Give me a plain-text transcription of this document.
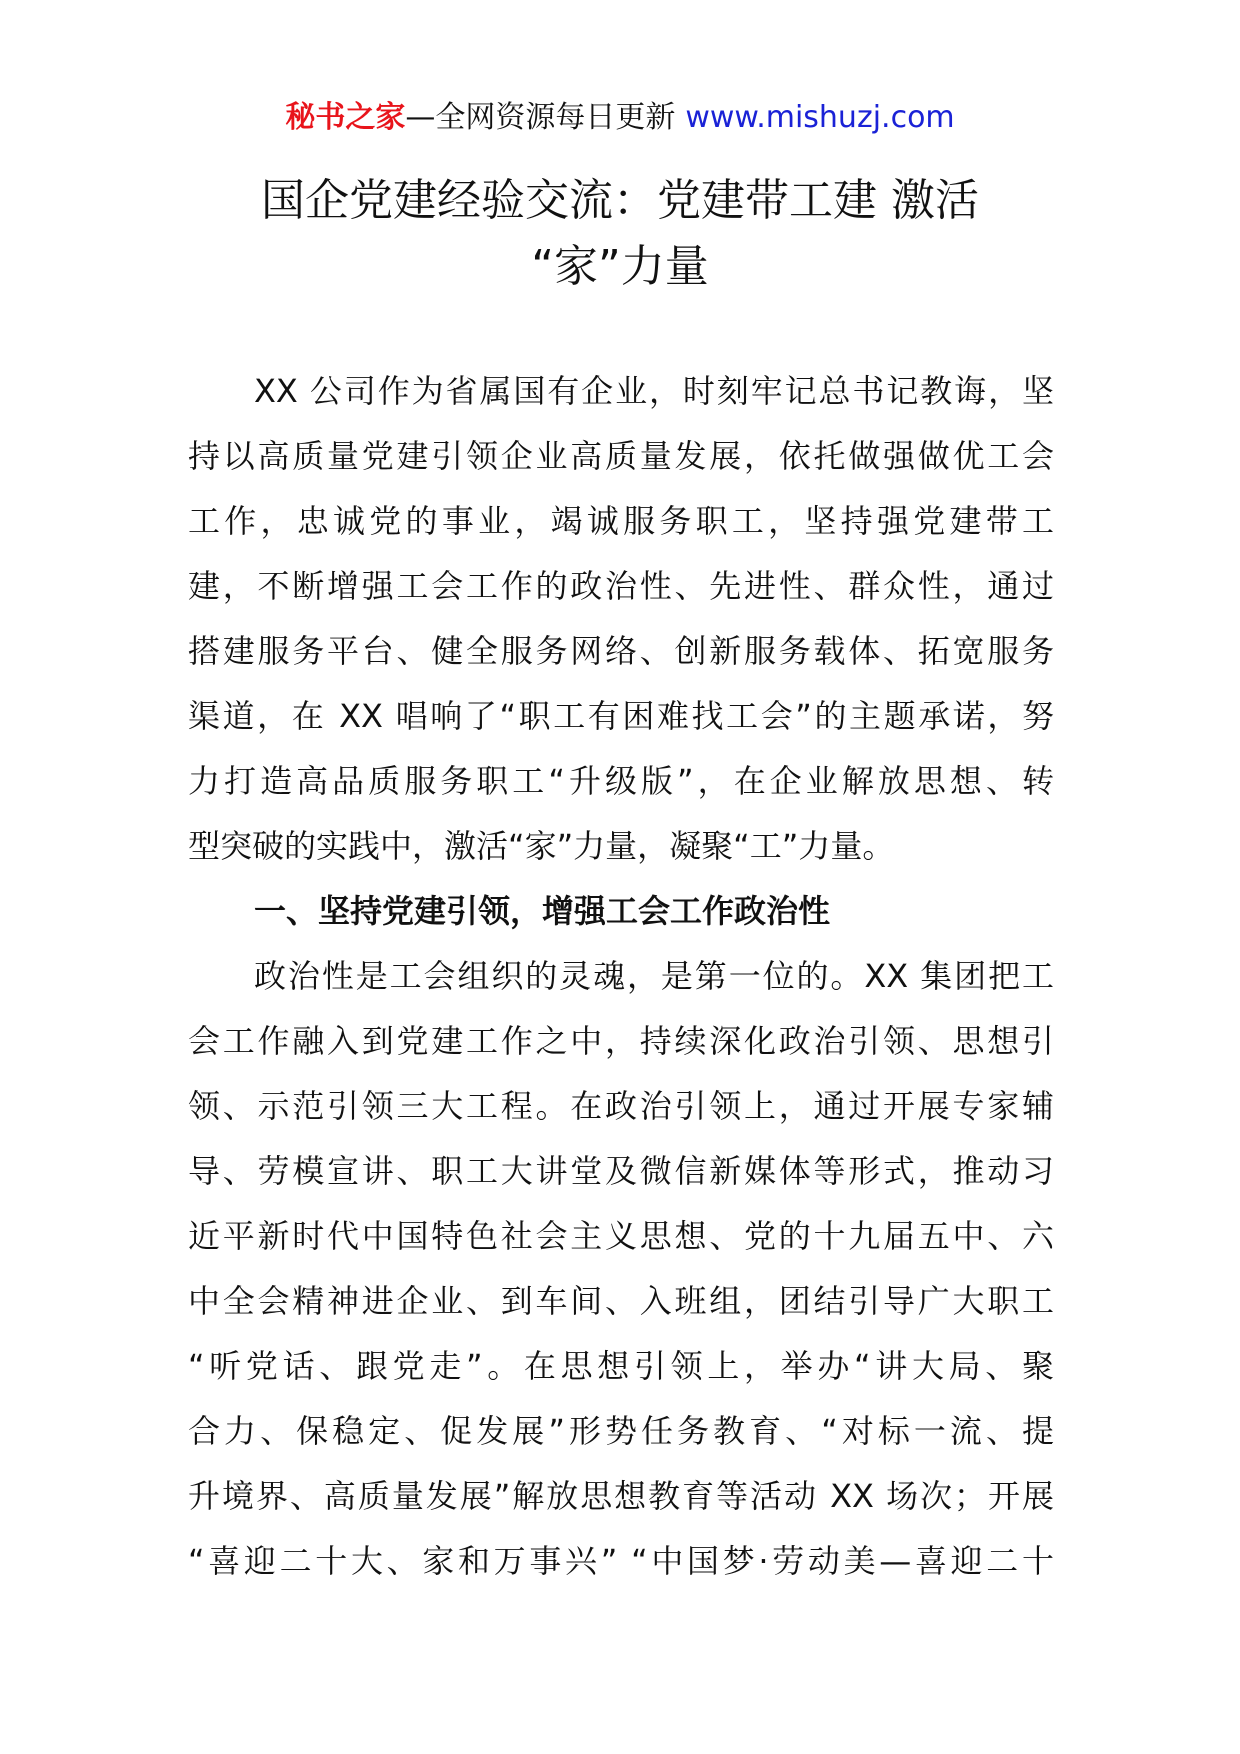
秘书之家—全网资源每日更新 www.mishuzj.com
国企党建经验交流：党建带工建 激活
“家”力量
XX 公司作为省属国有企业，时刻牢记总书记教诲，坚
持以高质量党建引领企业高质量发展，依托做强做优工会
工作，忠诚党的事业，竭诚服务职工，坚持强党建带工
建，不断增强工会工作的政治性、先进性、群众性，通过
搭建服务平台、健全服务网络、创新服务载体、拓宽服务
渠道，在 XX 唱响了“职工有困难找工会”的主题承诺，努
力打造高品质服务职工“升级版”，在企业解放思想、转
型突破的实践中，激活“家”力量，凝聚“工”力量。
一、坚持党建引领，增强工会工作政治性
政治性是工会组织的灵魂，是第一位的。XX 集团把工
会工作融入到党建工作之中，持续深化政治引领、思想引
领、示范引领三大工程。在政治引领上，通过开展专家辅
导、劳模宣讲、职工大讲堂及微信新媒体等形式，推动习
近平新时代中国特色社会主义思想、党的十九届五中、六
中全会精神进企业、到车间、入班组，团结引导广大职工
“听党话、跟党走”。在思想引领上，举办“讲大局、聚
合力、保稳定、促发展”形势任务教育、“对标一流、提
升境界、高质量发展”解放思想教育等活动 XX 场次；开展
“喜迎二十大、家和万事兴” “中国梦·劳动美—喜迎二十
